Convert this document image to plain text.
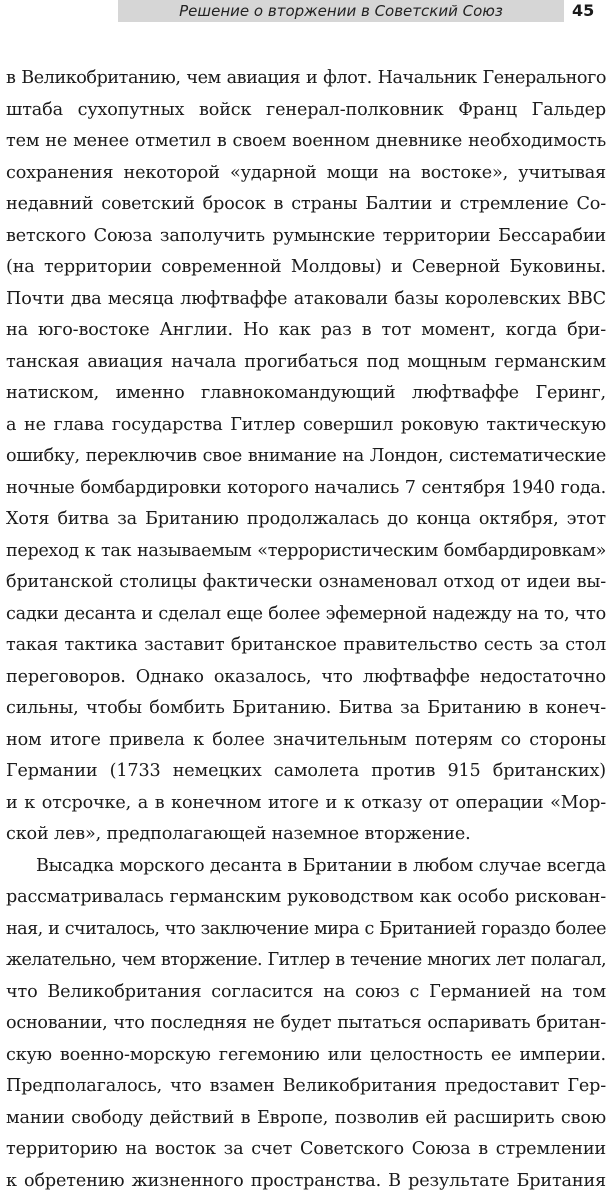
Решение о вторжении в Советский Союз	45
в Великобританию, чем авиация и флот. Начальник Генерального
штаба сухопутных войск генерал-полковник Франц Гальдер
тем не менее отметил в своем военном дневнике необходимость
сохранения некоторой «ударной мощи на востоке», учитывая
недавний советский бросок в страны Балтии и стремление Со-
ветского Союза заполучить румынские территории Бессарабии
(на территории современной Молдовы) и Северной Буковины.
Почти два месяца люфтваффе атаковали базы королевских ВВС
на юго-востоке Англии. Но как раз в тот момент, когда бри-
танская авиация начала прогибаться под мощным германским
натиском, именно главнокомандующий люфтваффе Геринг,
а не глава государства Гитлер совершил роковую тактическую
ошибку, переключив свое внимание на Лондон, систематические
ночные бомбардировки которого начались 7 сентября 1940 года.
Хотя битва за Британию продолжалась до конца октября, этот
переход к так называемым «террористическим бомбардировкам»
британской столицы фактически ознаменовал отход от идеи вы-
садки десанта и сделал еще более эфемерной надежду на то, что
такая тактика заставит британское правительство сесть за стол
переговоров. Однако оказалось, что люфтваффе недостаточно
сильны, чтобы бомбить Британию. Битва за Британию в конеч-
ном итоге привела к более значительным потерям со стороны
Германии (1733 немецких самолета против 915 британских)
и к отсрочке, а в конечном итоге и к отказу от операции «Мор-
ской лев», предполагающей наземное вторжение.
Высадка морского десанта в Британии в любом случае всегда
рассматривалась германским руководством как особо рискован-
ная, и считалось, что заключение мира с Британией гораздо более
желательно, чем вторжение. Гитлер в течение многих лет полагал,
что Великобритания согласится на союз с Германией на том
основании, что последняя не будет пытаться оспаривать британ-
скую военно-морскую гегемонию или целостность ее империи.
Предполагалось, что взамен Великобритания предоставит Гер-
мании свободу действий в Европе, позволив ей расширить свою
территорию на восток за счет Советского Союза в стремлении
к обретению жизненного пространства. В результате Британия
